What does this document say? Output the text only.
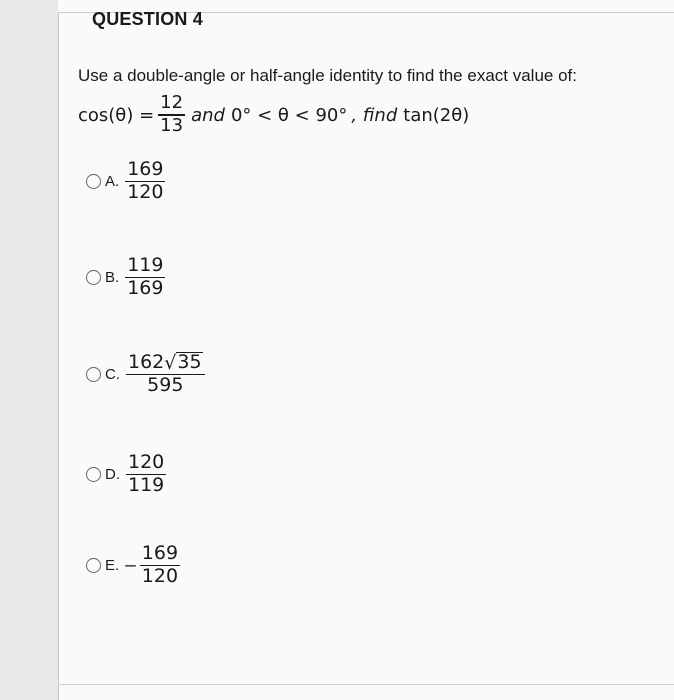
QUESTION 4
Use a double-angle or half-angle identity to find the exact value of:
$\cos(\theta) = \frac{12}{13}$ and 0° < θ < 90° , find tan(2θ)
A. $\frac{169}{120}$
B. $\frac{119}{169}$
C. $\frac{162 √ 35}{595}$
D. $\frac{120}{119}$
E. – $\frac{169}{120}$
